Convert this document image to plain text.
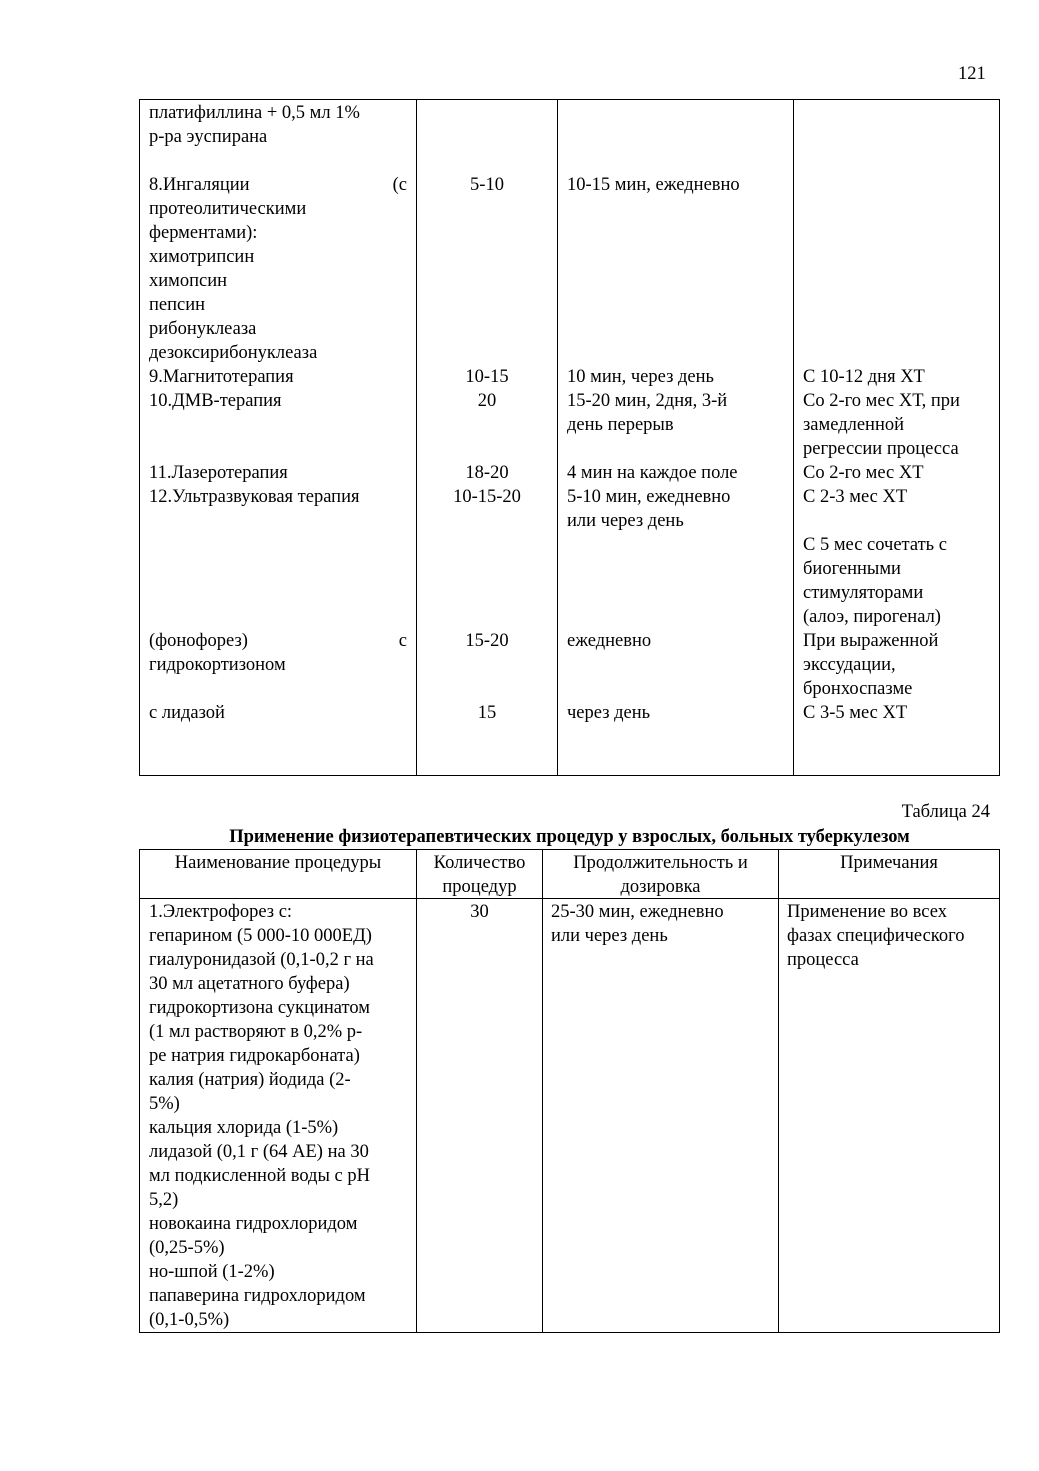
121
платифиллина + 0,5 мл 1%
р-ра эуспирана
8.Ингаляции (с
протеолитическими
ферментами):
химотрипсин
химопсин
пепсин
рибонуклеаза
дезоксирибонуклеаза
9.Магнитотерапия
10.ДМВ-терапия
11.Лазеротерапия
12.Ультразвуковая терапия
(фонофорез) с
гидрокортизоном
с лидазой
5-10
10-15
20
18-20
10-15-20
15-20
15
10-15 мин, ежедневно
10 мин, через день
15-20 мин, 2дня, 3-й
день перерыв
4 мин на каждое поле
5-10 мин, ежедневно
или через день
ежедневно
через день
С 10-12 дня ХТ
Со 2-го мес ХТ, при
замедленной
регрессии процесса
Со 2-го мес ХТ
С 2-3 мес ХТ

С 5 мес сочетать с
биогенными
стимуляторами
(алоэ, пирогенал)
При выраженной
экссудации,
бронхоспазме
С 3-5 мес ХТ
Таблица 24
Применение физиотерапевтических процедур у взрослых, больных туберкулезом
Наименование процедуры	Количество
процедур
Продолжительность и
дозировка
Примечания
1.Электрофорез с:
гепарином (5 000-10 000ЕД)
гиалуронидазой (0,1-0,2 г на
30 мл ацетатного буфера)
гидрокортизона сукцинатом
(1 мл растворяют в 0,2% р-
ре натрия гидрокарбоната)
калия (натрия) йодида (2-
5%)
кальция хлорида (1-5%)
лидазой (0,1 г (64 АЕ) на 30
мл подкисленной воды с рН
5,2)
новокаина гидрохлоридом
(0,25-5%)
но-шпой (1-2%)
папаверина гидрохлоридом
(0,1-0,5%)
30	25-30 мин, ежедневно
или через день
Применение во всех
фазах специфического
процесса
